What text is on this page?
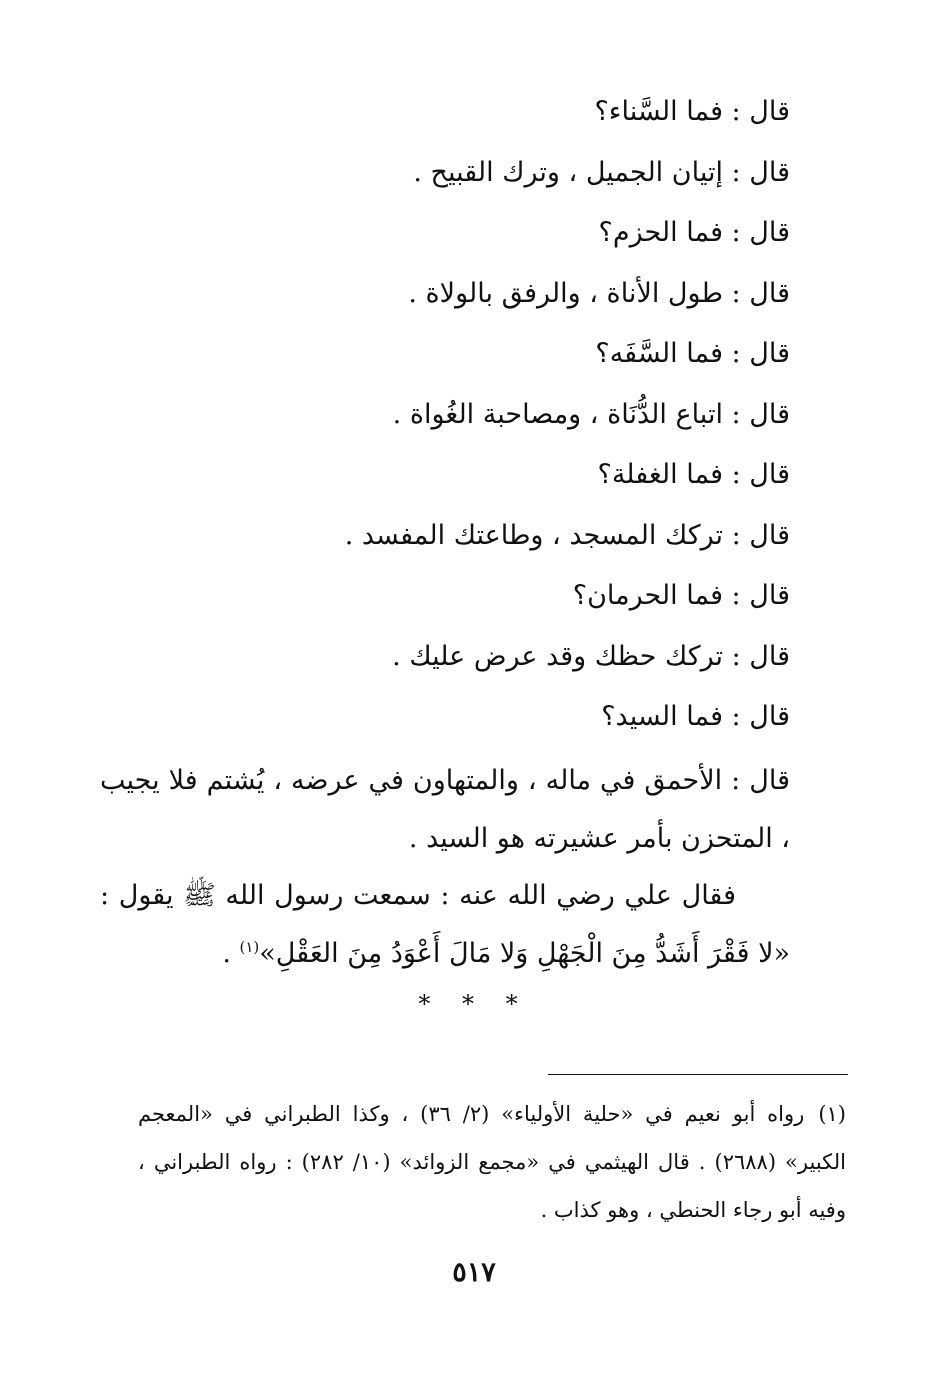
قال : فما السَّناء؟
قال : إتيان الجميل ، وترك القبيح .
قال : فما الحزم؟
قال : طول الأناة ، والرفق بالولاة .
قال : فما السَّفَه؟
قال : اتباع الدُّنَاة ، ومصاحبة الغُواة .
قال : فما الغفلة؟
قال : تركك المسجد ، وطاعتك المفسد .
قال : فما الحرمان؟
قال : تركك حظك وقد عرض عليك .
قال : فما السيد؟
قال : الأحمق في ماله ، والمتهاون في عرضه ، يُشتم فلا يجيب ، المتحزن بأمر عشيرته هو السيد .
فقال علي رضي الله عنه : سمعت رسول الله ﷺ يقول : «لا فَقْرَ أَشَدُّ مِنَ الْجَهْلِ وَلا مَالَ أَعْوَدُ مِنَ العَقْلِ»$^{(١)}$ .
* * *
(١)رواه أبو نعيم في «حلية الأولياء» (٢/ ٣٦) ، وكذا الطبراني في «المعجم الكبير» (٢٦٨٨) . قال الهيثمي في «مجمع الزوائد» (١٠/ ٢٨٢) : رواه الطبراني ، وفيه أبو رجاء الحنطي ، وهو كذاب .
٥١٧
